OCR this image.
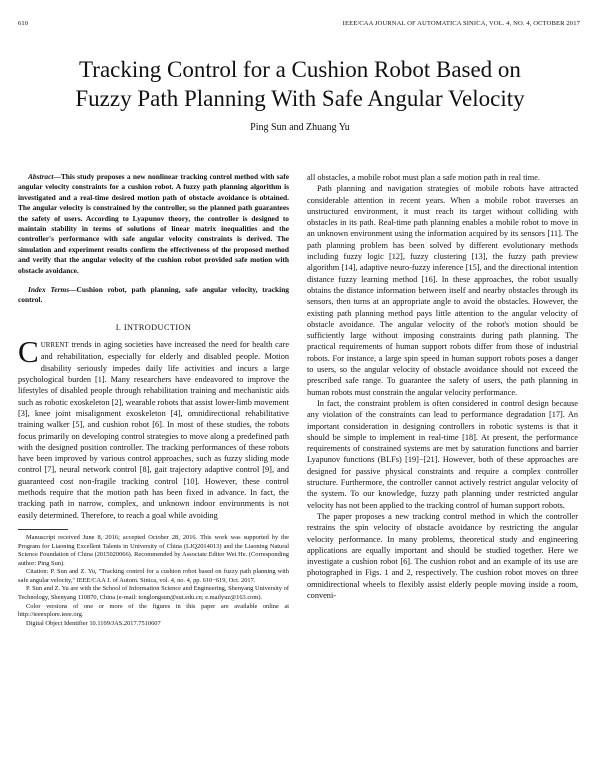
610	IEEE/CAA JOURNAL OF AUTOMATICA SINICA, VOL. 4, NO. 4, OCTOBER 2017
Tracking Control for a Cushion Robot Based on
Fuzzy Path Planning With Safe Angular Velocity
Ping Sun and Zhuang Yu

Abstract—This study proposes a new nonlinear tracking control method with safe angular velocity constraints for a cushion robot. A fuzzy path planning algorithm is investigated and a real-time desired motion path of obstacle avoidance is obtained. The angular velocity is constrained by the controller, so the planned path guarantees the safety of users. According to Lyapunov theory, the controller is designed to maintain stability in terms of solutions of linear matrix inequalities and the controller's performance with safe angular velocity constraints is derived. The simulation and experiment results confirm the effectiveness of the proposed method and verify that the angular velocity of the cushion robot provided safe motion with obstacle avoidance.

Index Terms—Cushion robot, path planning, safe angular velocity, tracking control.

I. INTRODUCTION

CURRENT trends in aging societies have increased the need for health care and rehabilitation, especially for elderly and disabled people. Motion disability seriously impedes daily life activities and incurs a large psychological burden [1]. Many researchers have endeavored to improve the lifestyles of disabled people through rehabilitation training and mechanistic aids such as robotic exoskeleton [2], wearable robots that assist lower-limb movement [3], knee joint misalignment exoskeleton [4], omnidirectional rehabilitative training walker [5], and cushion robot [6]. In most of these studies, the robots focus primarily on developing control strategies to move along a predefined path with the designed position controller. The tracking performances of these robots have been improved by various control approaches, such as fuzzy sliding mode control [7], neural network control [8], gait trajectory adaptive control [9], and guaranteed cost non-fragile tracking control [10]. However, these control methods require that the motion path has been fixed in advance. In fact, the tracking path in narrow, complex, and unknown indoor environments is not easily determined. Therefore, to reach a goal while avoiding

Manuscript received June 8, 2016; accepted October 28, 2016. This work was supported by the Program for Liaoning Excellent Talents in University of China (LJQ2014013) and the Liaoning Natural Science Foundation of China (2015020066). Recommended by Associate Editor Wei He. (Corresponding author: Ping Sun).

Citation: P. Sun and Z. Yu, "Tracking control for a cushion robot based on fuzzy path planning with safe angular velocity," IEEE/CAA J. of Autom. Sinica, vol. 4, no. 4, pp. 610−619, Oct. 2017.

P. Sun and Z. Yu are with the School of Information Science and Engineering, Shenyang University of Technology, Shenyang 110870, China (e-mail: tonglongsun@sut.edu.cn; e.mailyuz@163.com).

Color versions of one or more of the figures in this paper are available online at http://ieeexplore.ieee.org.

Digital Object Identifier 10.1109/JAS.2017.7510607

all obstacles, a mobile robot must plan a safe motion path in real time.

Path planning and navigation strategies of mobile robots have attracted considerable attention in recent years. When a mobile robot traverses an unstructured environment, it must reach its target without colliding with obstacles in its path. Real-time path planning enables a mobile robot to move in an unknown environment using the information acquired by its sensors [11]. The path planning problem has been solved by different evolutionary methods including fuzzy logic [12], fuzzy clustering [13], the fuzzy path preview algorithm [14], adaptive neuro-fuzzy inference [15], and the directional intention distance fuzzy learning method [16]. In these approaches, the robot usually obtains the distance information between itself and nearby obstacles through its sensors, then turns at an appropriate angle to avoid the obstacles. However, the existing path planning method pays little attention to the angular velocity of obstacle avoidance. The angular velocity of the robot's motion should be sufficiently large without imposing constraints during path planning. The practical requirements of human support robots differ from those of industrial robots. For instance, a large spin speed in human support robots poses a danger to users, so the angular velocity of obstacle avoidance should not exceed the prescribed safe range. To guarantee the safety of users, the path planning in human robots must constrain the angular velocity performance.

In fact, the constraint problem is often considered in control design because any violation of the constraints can lead to performance degradation [17]. An important consideration in designing controllers in robotic systems is that it should be simple to implement in real-time [18]. At present, the performance requirements of constrained systems are met by saturation functions and barrier Lyapunov functions (BLFs) [19]−[21]. However, both of these approaches are designed for passive physical constraints and require a complex controller structure. Furthermore, the controller cannot actively restrict angular velocity of the system. To our knowledge, fuzzy path planning under restricted angular velocity has not been applied to the tracking control of human support robots.

The paper proposes a new tracking control method in which the controller restrains the spin velocity of obstacle avoidance by restricting the angular velocity performance. In many problems, theoretical study and engineering applications are equally important and should be studied together. Here we investigate a cushion robot [6]. The cushion robot and an example of its use are photographed in Figs. 1 and 2, respectively. The cushion robot moves on three omnidirectional wheels to flexibly assist elderly people moving inside a room, conveni-
